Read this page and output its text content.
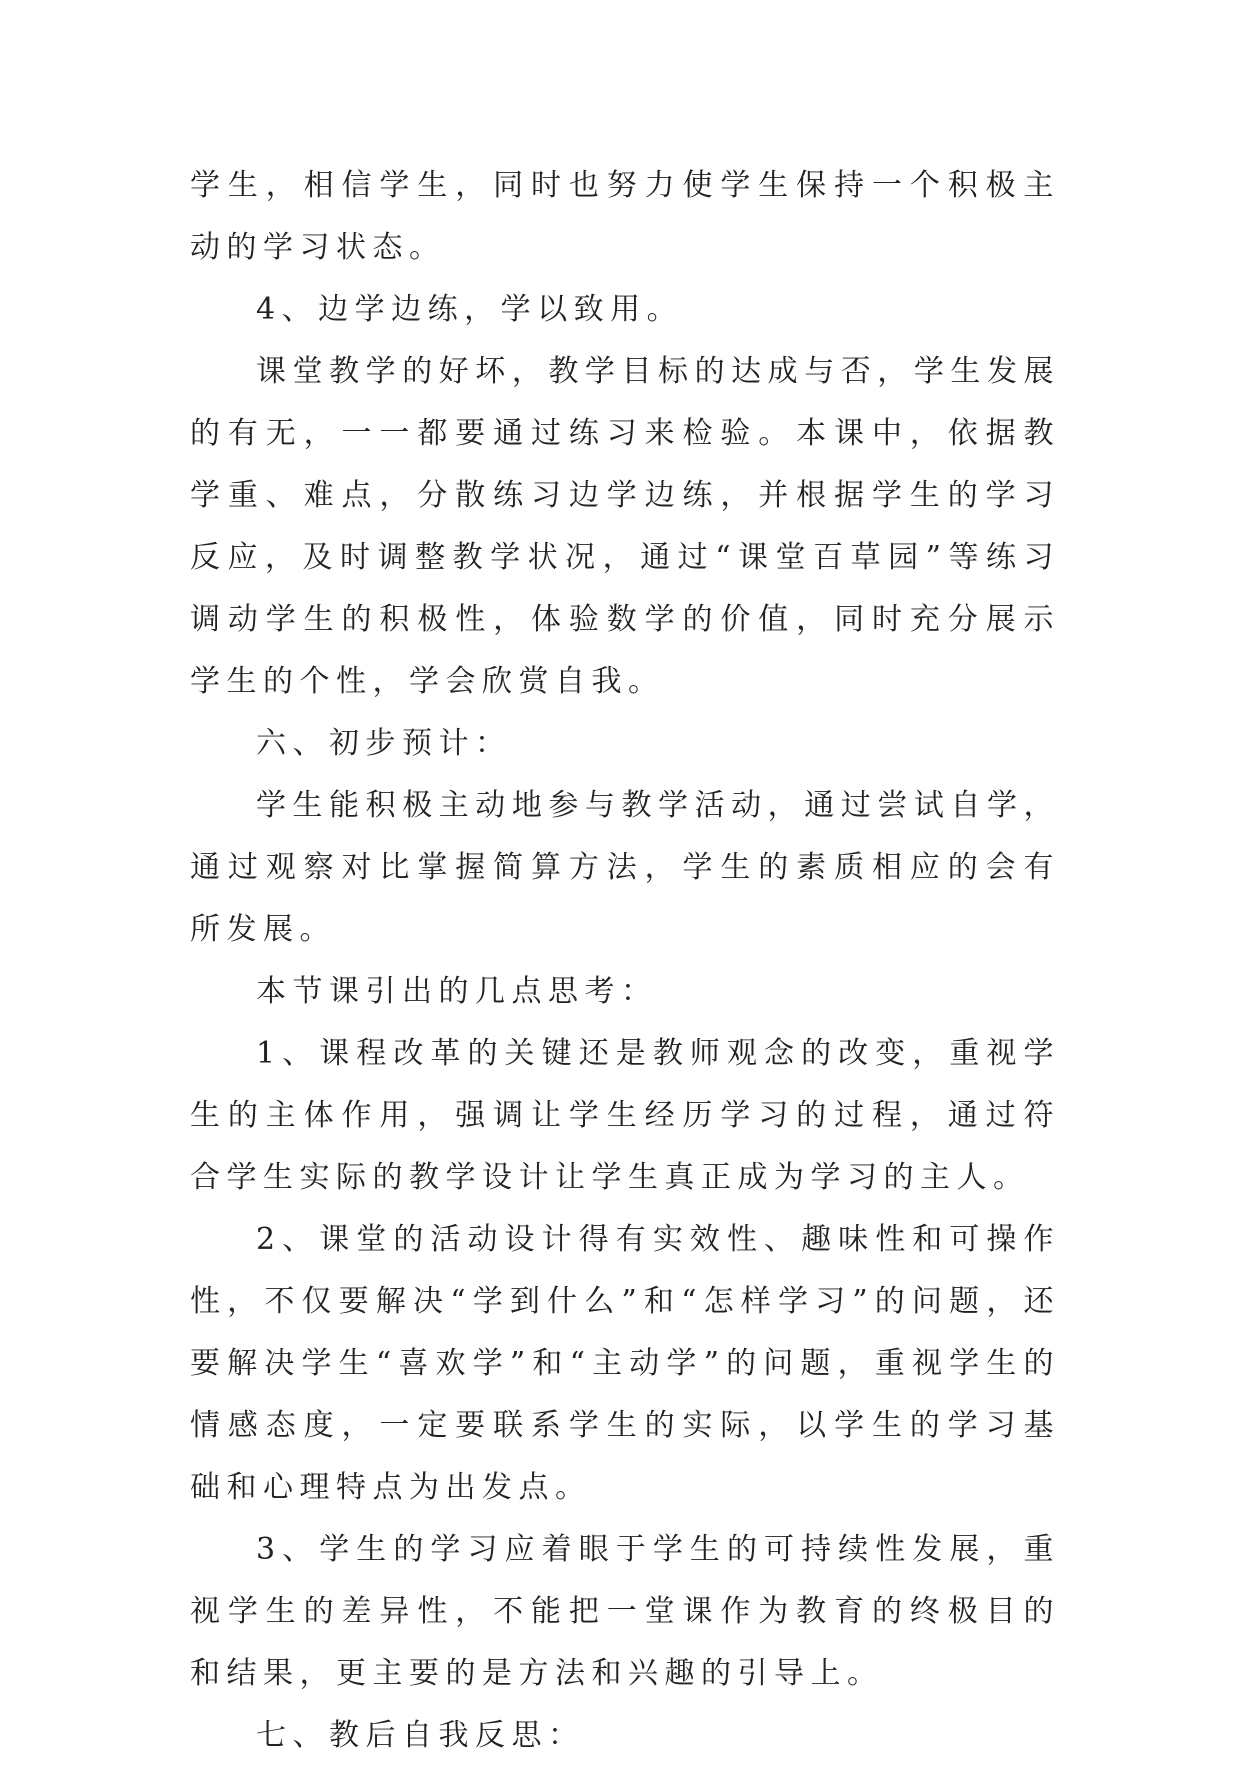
学生，相信学生，同时也努力使学生保持一个积极主动的学习状态。

4、边学边练，学以致用。

课堂教学的好坏，教学目标的达成与否，学生发展的有无，一一都要通过练习来检验。本课中，依据教学重、难点，分散练习边学边练，并根据学生的学习反应，及时调整教学状况，通过“课堂百草园”等练习调动学生的积极性，体验数学的价值，同时充分展示学生的个性，学会欣赏自我。

六、初步预计：

学生能积极主动地参与教学活动，通过尝试自学，通过观察对比掌握简算方法，学生的素质相应的会有所发展。

本节课引出的几点思考：

1、课程改革的关键还是教师观念的改变，重视学生的主体作用，强调让学生经历学习的过程，通过符合学生实际的教学设计让学生真正成为学习的主人。

2、课堂的活动设计得有实效性、趣味性和可操作性，不仅要解决“学到什么”和“怎样学习”的问题，还要解决学生“喜欢学”和“主动学”的问题，重视学生的情感态度，一定要联系学生的实际，以学生的学习基础和心理特点为出发点。

3、学生的学习应着眼于学生的可持续性发展，重视学生的差异性，不能把一堂课作为教育的终极目的和结果，更主要的是方法和兴趣的引导上。

七、教后自我反思：
